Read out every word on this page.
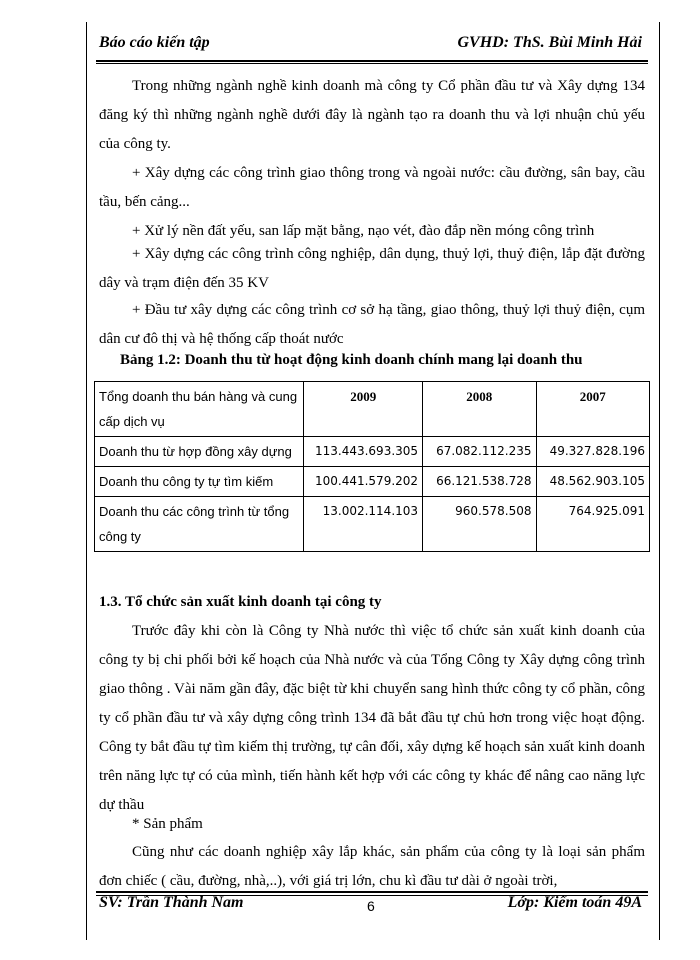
Báo cáo kiến tập	GVHD: ThS. Bùi Minh Hải
Trong những ngành nghề kinh doanh mà công ty Cổ phần đầu tư và Xây dựng 134 đăng ký thì những ngành nghề dưới đây là ngành tạo ra doanh thu và lợi nhuận chủ yếu của công ty.
+ Xây dựng các công trình giao thông trong và ngoài nước: cầu đường, sân bay, cầu tầu, bến cảng...
+ Xử lý nền đất yếu, san lấp mặt bằng, nạo vét, đào đắp nền móng công trình
+ Xây dựng các công trình công nghiệp, dân dụng, thuỷ lợi, thuỷ điện, lắp đặt đường dây và trạm điện đến 35 KV
+ Đầu tư xây dựng các công trình cơ sở hạ tầng, giao thông, thuỷ lợi thuỷ điện, cụm dân cư đô thị và hệ thống cấp thoát nước
Bảng 1.2: Doanh thu từ hoạt động kinh doanh chính mang lại doanh thu
Tổng doanh thu bán hàng và cung cấp dịch vụ	2009	2008	2007
Doanh thu từ hợp đồng xây dựng	113.443.693.305	67.082.112.235	49.327.828.196
Doanh thu công ty tự tìm kiếm	100.441.579.202	66.121.538.728	48.562.903.105
Doanh thu các công trình từ tổng công ty	13.002.114.103	960.578.508	764.925.091
1.3. Tổ chức sản xuất kinh doanh tại công ty
Trước đây khi còn là Công ty Nhà nước thì việc tổ chức sản xuất kinh doanh của công ty bị chi phối bởi kế hoạch của Nhà nước và của Tổng Công ty Xây dựng công trình giao thông . Vài năm gần đây, đặc biệt từ khi chuyển sang hình thức công ty cổ phần, công ty cổ phần đầu tư và xây dựng công trình 134 đã bắt đầu tự chủ hơn trong việc hoạt động. Công ty bắt đầu tự tìm kiếm thị trường, tự cân đối, xây dựng kế hoạch sản xuất kinh doanh trên năng lực tự có của mình, tiến hành kết hợp với các công ty khác để nâng cao năng lực dự thầu
* Sản phẩm
Cũng như các doanh nghiệp xây lắp khác, sản phẩm của công ty là loại sản phẩm đơn chiếc ( cầu, đường, nhà,..), với giá trị lớn, chu kì đầu tư dài ở ngoài trời,
SV: Trần Thành Nam	6	Lớp: Kiểm toán 49A
